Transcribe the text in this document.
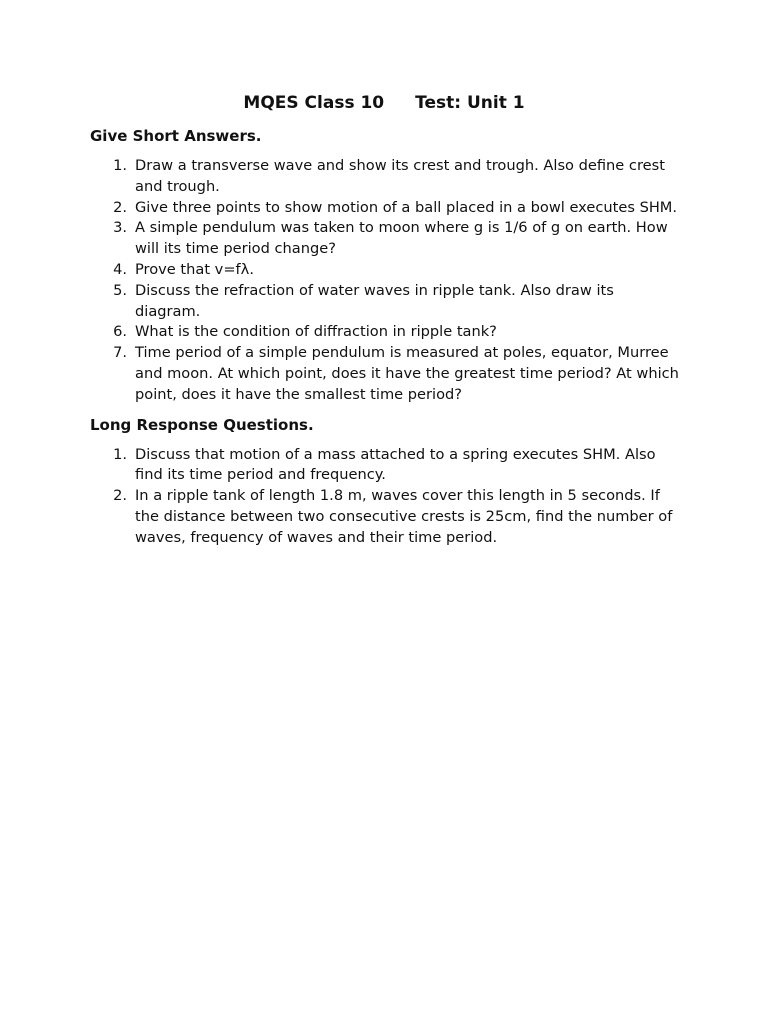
MQES Class 10 Test: Unit 1
Give Short Answers.
1. Draw a transverse wave and show its crest and trough. Also define crest and trough.
2. Give three points to show motion of a ball placed in a bowl executes SHM.
3. A simple pendulum was taken to moon where g is 1/6 of g on earth. How will its time period change?
4. Prove that v=fλ.
5. Discuss the refraction of water waves in ripple tank. Also draw its diagram.
6. What is the condition of diffraction in ripple tank?
7. Time period of a simple pendulum is measured at poles, equator, Murree and moon. At which point, does it have the greatest time period? At which point, does it have the smallest time period?
Long Response Questions.
1. Discuss that motion of a mass attached to a spring executes SHM. Also find its time period and frequency.
2. In a ripple tank of length 1.8 m, waves cover this length in 5 seconds. If the distance between two consecutive crests is 25cm, find the number of waves, frequency of waves and their time period.
